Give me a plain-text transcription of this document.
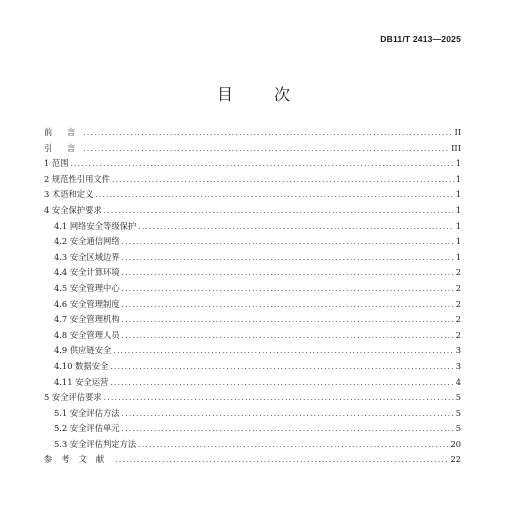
DB11/T 2413—2025
目 次
前 言 .....	II
引 言 .....	III
1 范围 .....	1
2 规范性引用文件 .....	1
3 术语和定义 .....	1
4 安全保护要求 .....	1
4.1 网络安全等级保护 .....	1
4.2 安全通信网络 .....	1
4.3 安全区域边界 .....	1
4.4 安全计算环境 .....	2
4.5 安全管理中心 .....	2
4.6 安全管理制度 .....	2
4.7 安全管理机构 .....	2
4.8 安全管理人员 .....	2
4.9 供应链安全 .....	3
4.10 数据安全 .....	3
4.11 安全运营 .....	4
5 安全评估要求 .....	5
5.1 安全评估方法 .....	5
5.2 安全评估单元 .....	5
5.3 安全评估判定方法 .....	20
参考文献 .....	22
